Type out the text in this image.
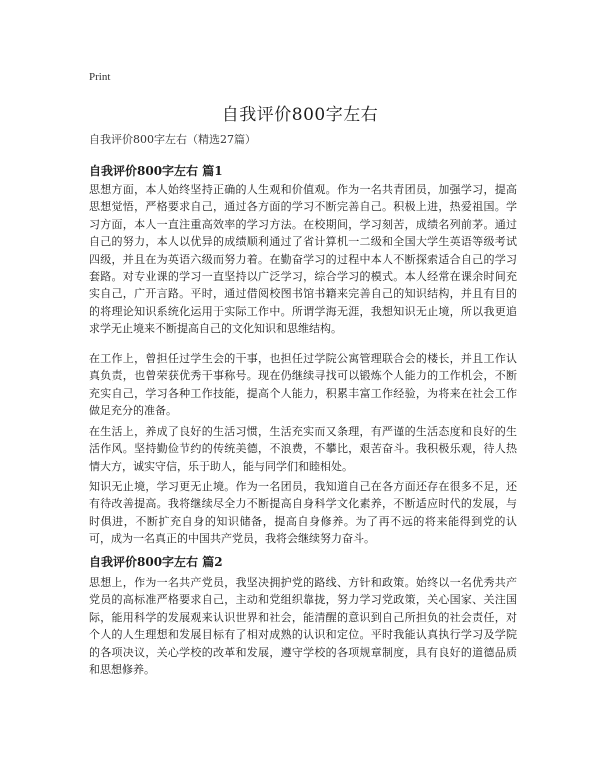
Print
自我评价800字左右
自我评价800字左右（精选27篇）
自我评价800字左右 篇1

思想方面，本人始终坚持正确的人生观和价值观。作为一名共青团员，加强学习，提高思想觉悟，严格要求自己，通过各方面的学习不断完善自己。积极上进，热爱祖国。学习方面，本人一直注重高效率的学习方法。在校期间，学习刻苦，成绩名列前茅。通过自己的努力，本人以优异的成绩顺利通过了省计算机一二级和全国大学生英语等级考试四级，并且在为英语六级而努力着。在勤奋学习的过程中本人不断探索适合自己的学习套路。对专业课的学习一直坚持以广泛学习，综合学习的模式。本人经常在课余时间充实自己，广开言路。平时，通过借阅校图书馆书籍来完善自己的知识结构，并且有目的的将理论知识系统化运用于实际工作中。所谓学海无涯，我想知识无止境，所以我更追求学无止境来不断提高自己的文化知识和思维结构。

在工作上，曾担任过学生会的干事，也担任过学院公寓管理联合会的楼长，并且工作认真负责，也曾荣获优秀干事称号。现在仍继续寻找可以锻炼个人能力的工作机会，不断充实自己，学习各种工作技能，提高个人能力，积累丰富工作经验，为将来在社会工作做足充分的准备。

在生活上，养成了良好的生活习惯，生活充实而又条理，有严谨的生活态度和良好的生活作风。坚持勤俭节约的传统美德，不浪费，不攀比，艰苦奋斗。我积极乐观，待人热情大方，诚实守信，乐于助人，能与同学们和睦相处。

知识无止境，学习更无止境。作为一名团员，我知道自己在各方面还存在很多不足，还有待改善提高。我将继续尽全力不断提高自身科学文化素养，不断适应时代的发展，与时俱进，不断扩充自身的知识储备，提高自身修养。为了再不远的将来能得到党的认可，成为一名真正的中国共产党员，我将会继续努力奋斗。

自我评价800字左右 篇2

思想上，作为一名共产党员，我坚决拥护党的路线、方针和政策。始终以一名优秀共产党员的高标准严格要求自己，主动和党组织靠拢，努力学习党政策，关心国家、关注国际，能用科学的发展观来认识世界和社会，能清醒的意识到自己所担负的社会责任，对个人的人生理想和发展目标有了相对成熟的认识和定位。平时我能认真执行学习及学院的各项决议，关心学校的改革和发展，遵守学校的各项规章制度，具有良好的道德品质和思想修养。
